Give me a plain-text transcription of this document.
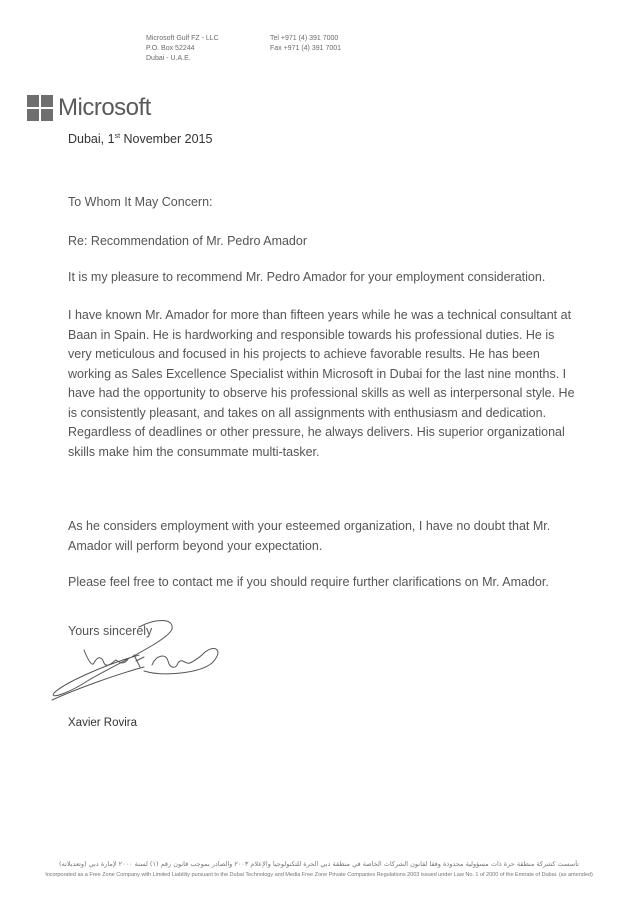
Microsoft Gulf FZ - LLC
P.O. Box 52244
Dubai - U.A.E.
Tel +971 (4) 391 7000
Fax +971 (4) 391 7001
Microsoft
Dubai, 1st November 2015
To Whom It May Concern:
Re: Recommendation of Mr. Pedro Amador
It is my pleasure to recommend Mr. Pedro Amador for your employment consideration.
I have known Mr. Amador for more than fifteen years while he was a technical consultant at Baan in Spain. He is hardworking and responsible towards his professional duties. He is very meticulous and focused in his projects to achieve favorable results. He has been working as Sales Excellence Specialist within Microsoft in Dubai for the last nine months. I have had the opportunity to observe his professional skills as well as interpersonal style. He is consistently pleasant, and takes on all assignments with enthusiasm and dedication. Regardless of deadlines or other pressure, he always delivers. His superior organizational skills make him the consummate multi-tasker.
As he considers employment with your esteemed organization, I have no doubt that Mr. Amador will perform beyond your expectation.
Please feel free to contact me if you should require further clarifications on Mr. Amador.
Yours sincerely
Xavier Rovira
تأسست كشركة منطقة حرة ذات مسؤولية محدودة وفقا لقانون الشركات الخاصة في منطقة دبي الحرة للتكنولوجيا والإعلام ٢٠٠٣ والصادر بموجب قانون رقم (١) لسنة ٢٠٠٠ لإمارة دبي (وتعديلاته)
Incorporated as a Free Zone Company with Limited Liability pursuant to the Dubai Technology and Media Free Zone Private Companies Regulations 2003 issued under Law No. 1 of 2000 of the Emirate of Dubai. (as amended)
